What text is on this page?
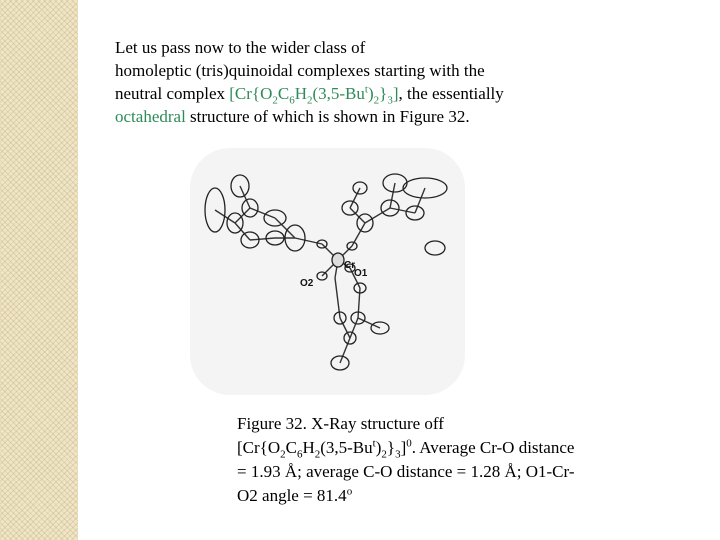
Let us pass now to the wider class of
homoleptic (tris)quinoidal complexes starting with the
neutral complex $[Cr\{O_2C_6H_2(3,5-Bu^t)_2\}_3]$, the essentially
octahedral structure of which is shown in Figure 32.
Cr
O1
O2
Figure 32. X-Ray structure off
$[Cr\{O_2C_6H_2(3,5-Bu^t)_2\}_3]^0$. Average Cr-O distance
= 1.93 Å; average C-O distance = 1.28 Å; O1-Cr-
O2 angle = $81.4^o$
